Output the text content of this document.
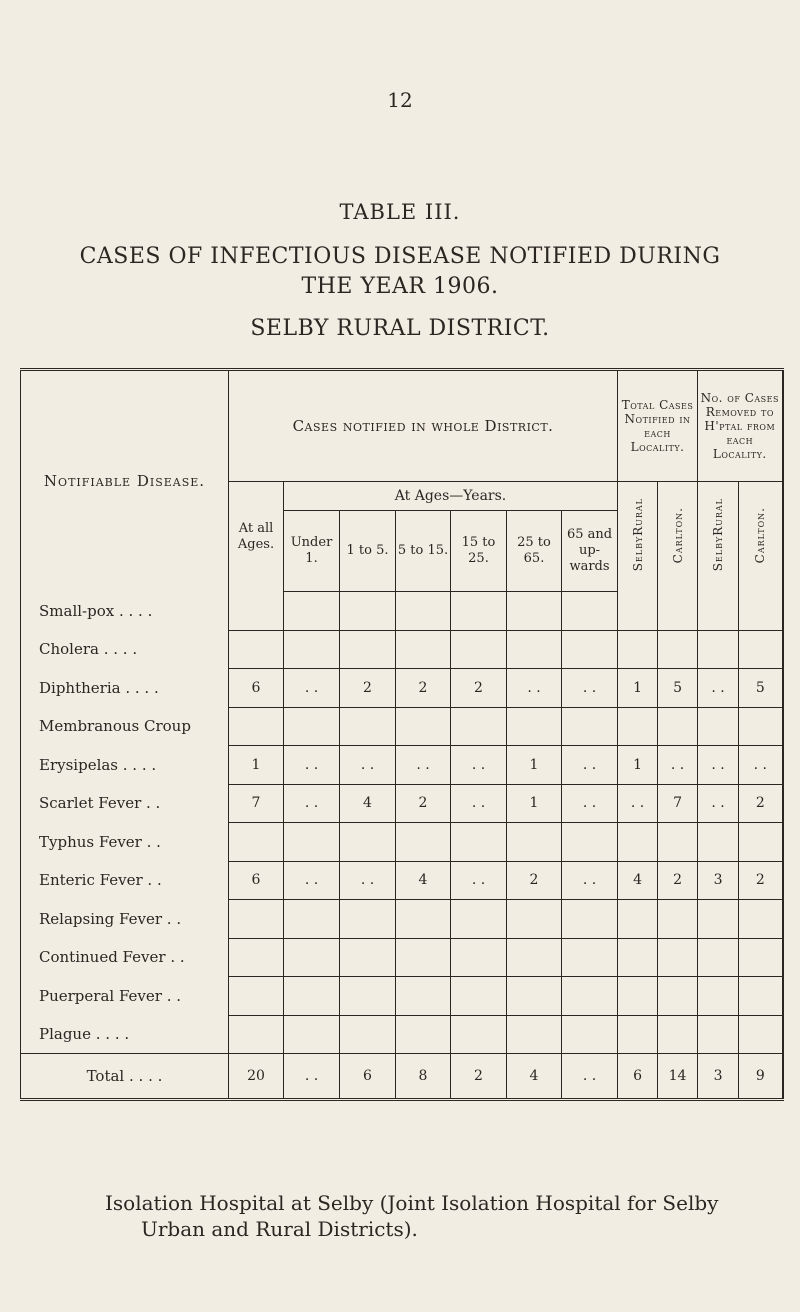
12
TABLE III.
CASES OF INFECTIOUS DISEASE NOTIFIED DURING
THE YEAR 1906.
SELBY RURAL DISTRICT.
Notifiable Disease.	Cases notified in whole District.							Total Cases Notified in each Locality.		No. of Cases Removed to H'ptal from each Locality.	
	At all Ages.	At Ages—Years.						SelbyRural	Carlton.	SelbyRural	Carlton.
		Under 1.	1 to 5.	5 to 15.	15 to 25.	25 to 65.	65 and up-wards				
Small-pox . . . .											
Cholera . . . .											
Diphtheria . . . .	6	. .	2	2	2	. .	. .	1	5	. .	5
Membranous Croup											
Erysipelas . . . .	1	. .	. .	. .	. .	1	. .	1	. .	. .	. .
Scarlet Fever . .	7	. .	4	2	. .	1	. .	. .	7	. .	2
Typhus Fever . .											
Enteric Fever . .	6	. .	. .	4	. .	2	. .	4	2	3	2
Relapsing Fever . .											
Continued Fever . .											
Puerperal Fever . .											
Plague . . . .											
Total . . . .	20	. .	6	8	2	4	. .	6	14	3	9
Isolation Hospital at Selby (Joint Isolation Hospital for Selby
Urban and Rural Districts).
